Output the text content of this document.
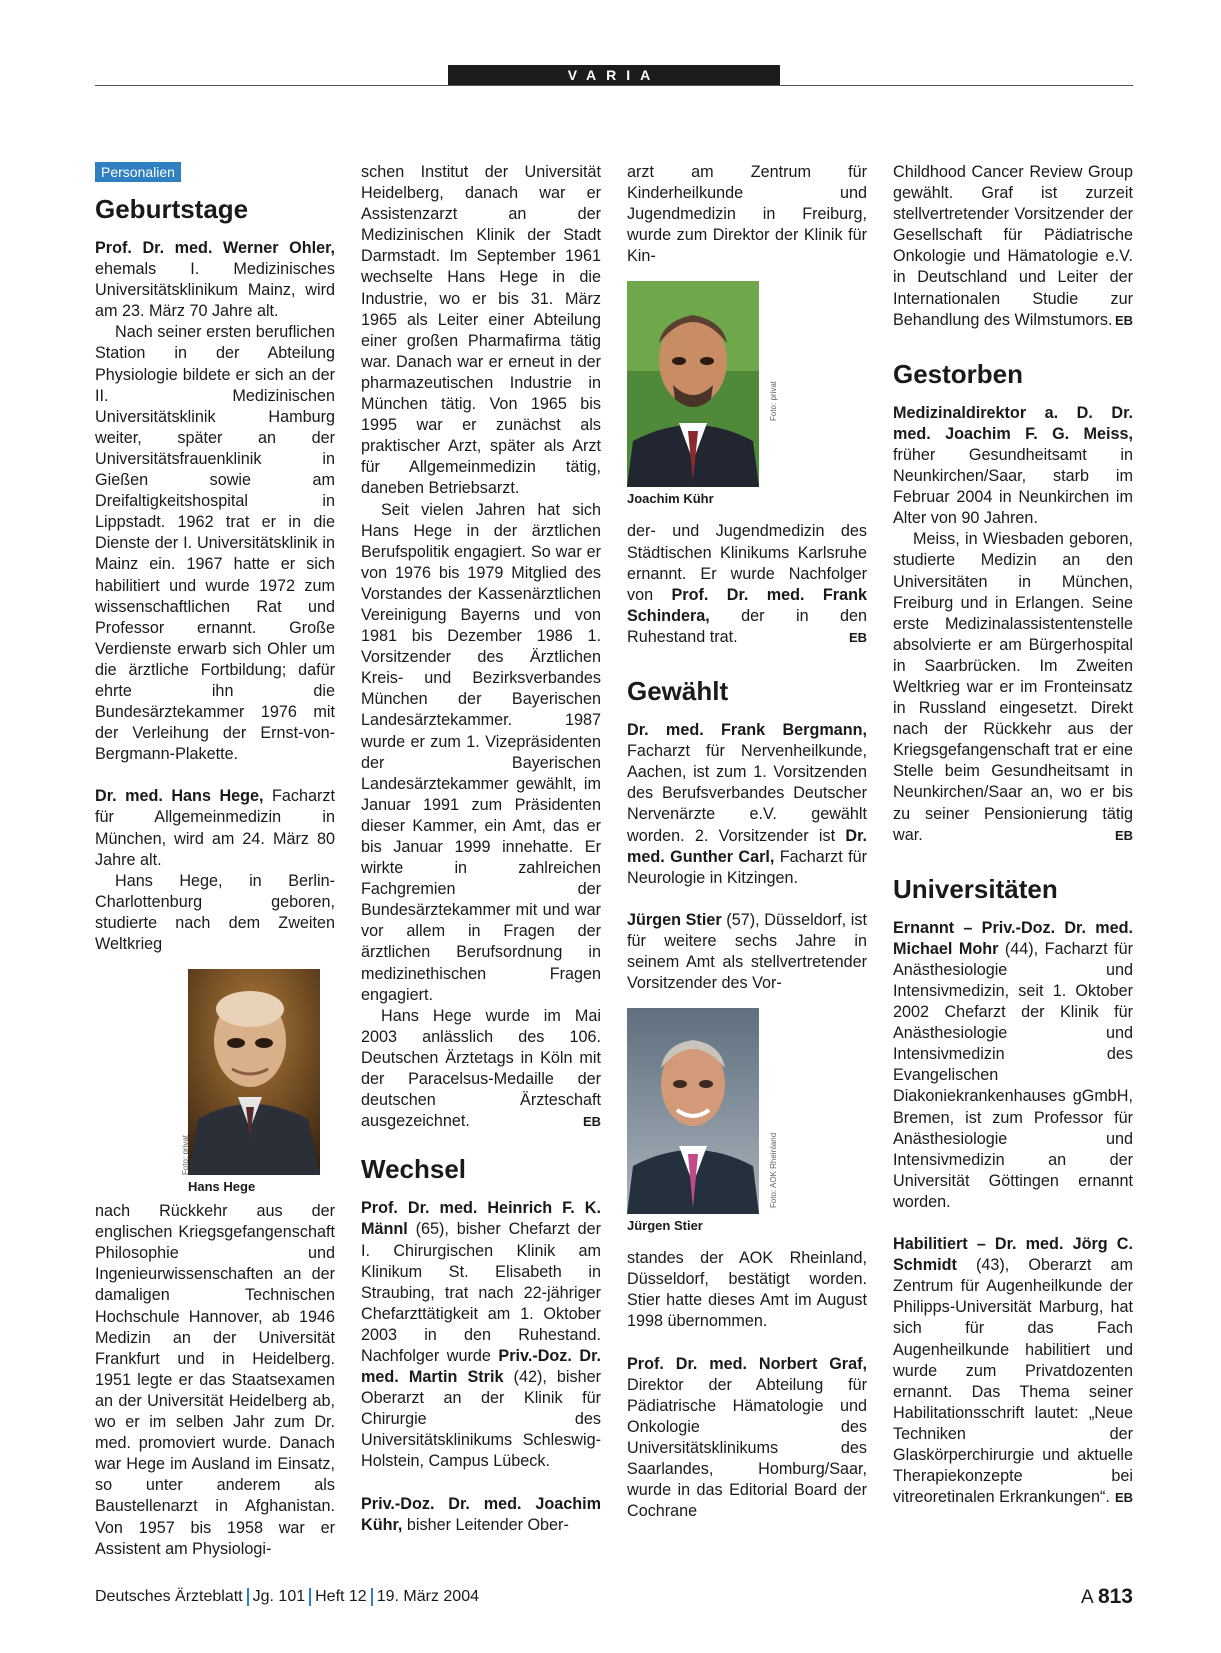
VARIA
Personalien
Geburtstage

Prof. Dr. med. Werner Ohler, ehemals I. Medizinisches Universitätsklinikum Mainz, wird am 23. März 70 Jahre alt.

Nach seiner ersten beruflichen Station in der Abteilung Physiologie bildete er sich an der II. Medizinischen Universitätsklinik Hamburg weiter, später an der Universitätsfrauenklinik in Gießen sowie am Dreifaltigkeitshospital in Lippstadt. 1962 trat er in die Dienste der I. Universitätsklinik in Mainz ein. 1967 hatte er sich habilitiert und wurde 1972 zum wissenschaftlichen Rat und Professor ernannt. Große Verdienste erwarb sich Ohler um die ärztliche Fortbildung; dafür ehrte ihn die Bundesärztekammer 1976 mit der Verleihung der Ernst-von-Bergmann-Plakette.

Dr. med. Hans Hege, Facharzt für Allgemeinmedizin in München, wird am 24. März 80 Jahre alt.

Hans Hege, in Berlin-Charlottenburg geboren, studierte nach dem Zweiten Weltkrieg

Foto: privat
Hans Hege

nach Rückkehr aus der englischen Kriegsgefangenschaft Philosophie und Ingenieurwissenschaften an der damaligen Technischen Hochschule Hannover, ab 1946 Medizin an der Universität Frankfurt und in Heidelberg. 1951 legte er das Staatsexamen an der Universität Heidelberg ab, wo er im selben Jahr zum Dr. med. promoviert wurde. Danach war Hege im Ausland im Einsatz, so unter anderem als Baustellenarzt in Afghanistan. Von 1957 bis 1958 war er Assistent am Physiologi-

schen Institut der Universität Heidelberg, danach war er Assistenzarzt an der Medizinischen Klinik der Stadt Darmstadt. Im September 1961 wechselte Hans Hege in die Industrie, wo er bis 31. März 1965 als Leiter einer Abteilung einer großen Pharmafirma tätig war. Danach war er erneut in der pharmazeutischen Industrie in München tätig. Von 1965 bis 1995 war er zunächst als praktischer Arzt, später als Arzt für Allgemeinmedizin tätig, daneben Betriebsarzt.

Seit vielen Jahren hat sich Hans Hege in der ärztlichen Berufspolitik engagiert. So war er von 1976 bis 1979 Mitglied des Vorstandes der Kassenärztlichen Vereinigung Bayerns und von 1981 bis Dezember 1986 1. Vorsitzender des Ärztlichen Kreis- und Bezirksverbandes München der Bayerischen Landesärztekammer. 1987 wurde er zum 1. Vizepräsidenten der Bayerischen Landesärztekammer gewählt, im Januar 1991 zum Präsidenten dieser Kammer, ein Amt, das er bis Januar 1999 innehatte. Er wirkte in zahlreichen Fachgremien der Bundesärztekammer mit und war vor allem in Fragen der ärztlichen Berufsordnung in medizinethischen Fragen engagiert.

Hans Hege wurde im Mai 2003 anlässlich des 106. Deutschen Ärztetags in Köln mit der Paracelsus-Medaille der deutschen Ärzteschaft ausgezeichnet.	EB

Wechsel

Prof. Dr. med. Heinrich F. K. Männl (65), bisher Chefarzt der I. Chirurgischen Klinik am Klinikum St. Elisabeth in Straubing, trat nach 22-jähriger Chefarzttätigkeit am 1. Oktober 2003 in den Ruhestand. Nachfolger wurde Priv.-Doz. Dr. med. Martin Strik (42), bisher Oberarzt an der Klinik für Chirurgie des Universitätsklinikums Schleswig-Holstein, Campus Lübeck.

Priv.-Doz. Dr. med. Joachim Kühr, bisher Leitender Ober-

arzt am Zentrum für Kinderheilkunde und Jugendmedizin in Freiburg, wurde zum Direktor der Klinik für Kin-

Foto: privat
Joachim Kühr

der- und Jugendmedizin des Städtischen Klinikums Karlsruhe ernannt. Er wurde Nachfolger von Prof. Dr. med. Frank Schindera, der in den Ruhestand trat.	EB

Gewählt

Dr. med. Frank Bergmann, Facharzt für Nervenheilkunde, Aachen, ist zum 1. Vorsitzenden des Berufsverbandes Deutscher Nervenärzte e.V. gewählt worden. 2. Vorsitzender ist Dr. med. Gunther Carl, Facharzt für Neurologie in Kitzingen.

Jürgen Stier (57), Düsseldorf, ist für weitere sechs Jahre in seinem Amt als stellvertretender Vorsitzender des Vor-

Foto: AOK Rheinland
Jürgen Stier

standes der AOK Rheinland, Düsseldorf, bestätigt worden. Stier hatte dieses Amt im August 1998 übernommen.

Prof. Dr. med. Norbert Graf, Direktor der Abteilung für Pädiatrische Hämatologie und Onkologie des Universitätsklinikums des Saarlandes, Homburg/Saar, wurde in das Editorial Board der Cochrane

Childhood Cancer Review Group gewählt. Graf ist zurzeit stellvertretender Vorsitzender der Gesellschaft für Pädiatrische Onkologie und Hämatologie e.V. in Deutschland und Leiter der Internationalen Studie zur Behandlung des Wilmstumors. EB

Gestorben

Medizinaldirektor a. D. Dr. med. Joachim F. G. Meiss, früher Gesundheitsamt in Neunkirchen/Saar, starb im Februar 2004 in Neunkirchen im Alter von 90 Jahren.

Meiss, in Wiesbaden geboren, studierte Medizin an den Universitäten in München, Freiburg und in Erlangen. Seine erste Medizinalassistentenstelle absolvierte er am Bürgerhospital in Saarbrücken. Im Zweiten Weltkrieg war er im Fronteinsatz in Russland eingesetzt. Direkt nach der Rückkehr aus der Kriegsgefangenschaft trat er eine Stelle beim Gesundheitsamt in Neunkirchen/Saar an, wo er bis zu seiner Pensionierung tätig war.	EB

Universitäten

Ernannt – Priv.-Doz. Dr. med. Michael Mohr (44), Facharzt für Anästhesiologie und Intensivmedizin, seit 1. Oktober 2002 Chefarzt der Klinik für Anästhesiologie und Intensivmedizin des Evangelischen Diakoniekrankenhauses gGmbH, Bremen, ist zum Professor für Anästhesiologie und Intensivmedizin an der Universität Göttingen ernannt worden.

Habilitiert – Dr. med. Jörg C. Schmidt (43), Oberarzt am Zentrum für Augenheilkunde der Philipps-Universität Marburg, hat sich für das Fach Augenheilkunde habilitiert und wurde zum Privatdozenten ernannt. Das Thema seiner Habilitationsschrift lautet: „Neue Techniken der Glaskörperchirurgie und aktuelle Therapiekonzepte bei vitreoretinalen Erkrankungen“. EB

Deutsches Ärzteblatt Jg. 101 Heft 12 19. März 2004	A 813
